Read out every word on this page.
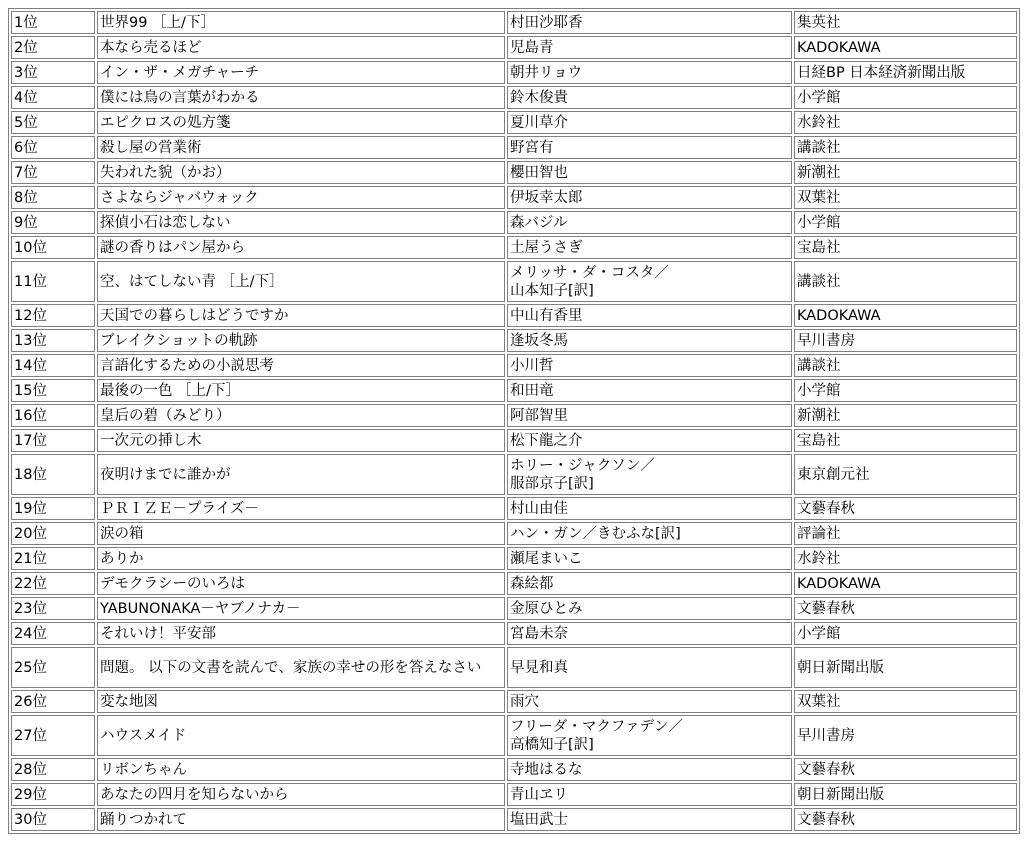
1位	世界99 ［上/下］	村田沙耶香	集英社
2位	本なら売るほど	児島青	KADOKAWA
3位	イン・ザ・メガチャーチ	朝井リョウ	日経BP 日本経済新聞出版
4位	僕には鳥の言葉がわかる	鈴木俊貴	小学館
5位	エピクロスの処方箋	夏川草介	水鈴社
6位	殺し屋の営業術	野宮有	講談社
7位	失われた貌（かお）	櫻田智也	新潮社
8位	さよならジャバウォック	伊坂幸太郎	双葉社
9位	探偵小石は恋しない	森バジル	小学館
10位	謎の香りはパン屋から	土屋うさぎ	宝島社
11位	空、はてしない青 ［上/下］	メリッサ・ダ・コスタ／
山本知子[訳]	講談社
12位	天国での暮らしはどうですか	中山有香里	KADOKAWA
13位	ブレイクショットの軌跡	逢坂冬馬	早川書房
14位	言語化するための小説思考	小川哲	講談社
15位	最後の一色 ［上/下］	和田竜	小学館
16位	皇后の碧（みどり）	阿部智里	新潮社
17位	一次元の挿し木	松下龍之介	宝島社
18位	夜明けまでに誰かが	ホリー・ジャクソン／
服部京子[訳]	東京創元社
19位	ＰＲＩＺＥ－プライズ－	村山由佳	文藝春秋
20位	涙の箱	ハン・ガン／きむふな[訳]	評論社
21位	ありか	瀬尾まいこ	水鈴社
22位	デモクラシーのいろは	森絵都	KADOKAWA
23位	YABUNONAKA－ヤブノナカ－	金原ひとみ	文藝春秋
24位	それいけ！平安部	宮島未奈	小学館
25位	問題。 以下の文書を読んで、家族の幸せの形を答えなさい	早見和真	朝日新聞出版
26位	変な地図	雨穴	双葉社
27位	ハウスメイド	フリーダ・マクファデン／
高橋知子[訳]	早川書房
28位	リボンちゃん	寺地はるな	文藝春秋
29位	あなたの四月を知らないから	青山ヱリ	朝日新聞出版
30位	踊りつかれて	塩田武士	文藝春秋
